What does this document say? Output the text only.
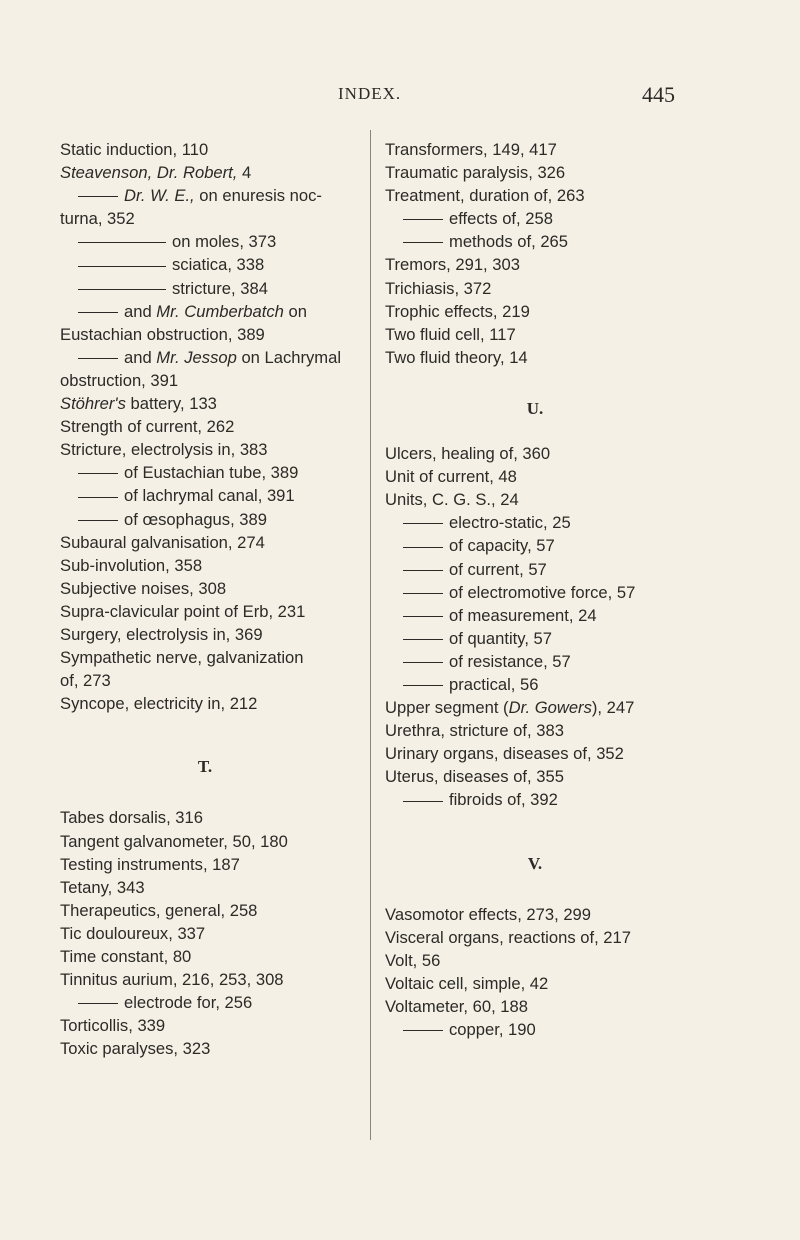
INDEX.	445
Static induction, 110
Steavenson, Dr. Robert, 4
Dr. W. E., on enuresis noc-
turna, 352
on moles, 373
sciatica, 338
stricture, 384
and Mr. Cumberbatch on
Eustachian obstruction, 389
and Mr. Jessop on Lachrymal
obstruction, 391
Stöhrer's battery, 133
Strength of current, 262
Stricture, electrolysis in, 383
of Eustachian tube, 389
of lachrymal canal, 391
of œsophagus, 389
Subaural galvanisation, 274
Sub-involution, 358
Subjective noises, 308
Supra-clavicular point of Erb, 231
Surgery, electrolysis in, 369
Sympathetic nerve, galvanization
of, 273
Syncope, electricity in, 212
T.
Tabes dorsalis, 316
Tangent galvanometer, 50, 180
Testing instruments, 187
Tetany, 343
Therapeutics, general, 258
Tic douloureux, 337
Time constant, 80
Tinnitus aurium, 216, 253, 308
electrode for, 256
Torticollis, 339
Toxic paralyses, 323
Transformers, 149, 417
Traumatic paralysis, 326
Treatment, duration of, 263
effects of, 258
methods of, 265
Tremors, 291, 303
Trichiasis, 372
Trophic effects, 219
Two fluid cell, 117
Two fluid theory, 14
U.
Ulcers, healing of, 360
Unit of current, 48
Units, C. G. S., 24
electro-static, 25
of capacity, 57
of current, 57
of electromotive force, 57
of measurement, 24
of quantity, 57
of resistance, 57
practical, 56
Upper segment (Dr. Gowers), 247
Urethra, stricture of, 383
Urinary organs, diseases of, 352
Uterus, diseases of, 355
fibroids of, 392
V.
Vasomotor effects, 273, 299
Visceral organs, reactions of, 217
Volt, 56
Voltaic cell, simple, 42
Voltameter, 60, 188
copper, 190
